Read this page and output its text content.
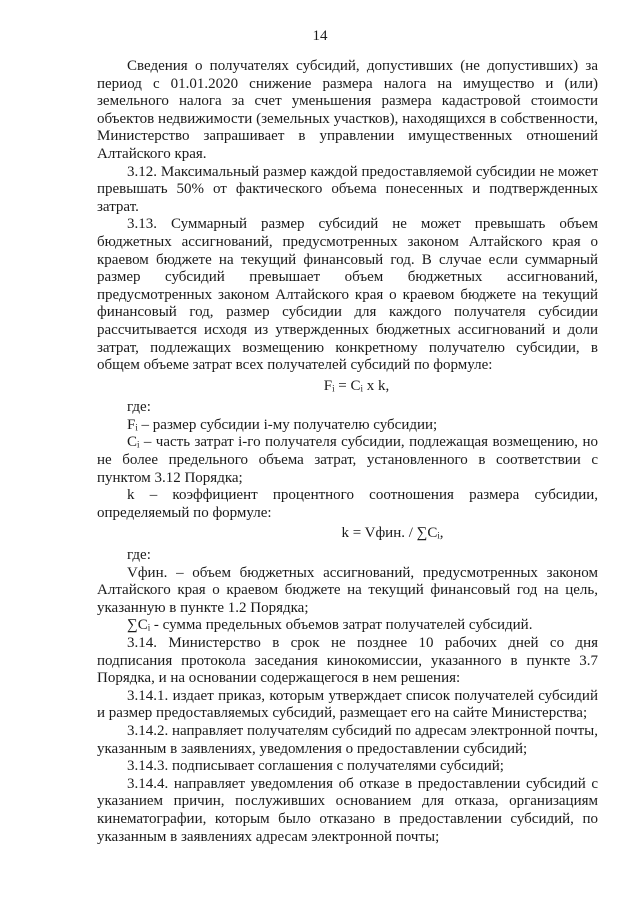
14

Сведения о получателях субсидий, допустивших (не допустивших) за период с 01.01.2020 снижение размера налога на имущество и (или) земельного налога за счет уменьшения размера кадастровой стоимости объектов недвижимости (земельных участков), находящихся в собственности, Министерство запрашивает в управлении имущественных отношений Алтайского края.

3.12. Максимальный размер каждой предоставляемой субсидии не может превышать 50% от фактического объема понесенных и подтвержденных затрат.

3.13. Суммарный размер субсидий не может превышать объем бюджетных ассигнований, предусмотренных законом Алтайского края о краевом бюджете на текущий финансовый год. В случае если суммарный размер субсидий превышает объем бюджетных ассигнований, предусмотренных законом Алтайского края о краевом бюджете на текущий финансовый год, размер субсидии для каждого получателя субсидии рассчитывается исходя из утвержденных бюджетных ассигнований и доли затрат, подлежащих возмещению конкретному получателю субсидии, в общем объеме затрат всех получателей субсидий по формуле:

Fᵢ = Cᵢ x k,

где:

Fᵢ – размер субсидии i-му получателю субсидии;

Cᵢ – часть затрат i-го получателя субсидии, подлежащая возмещению, но не более предельного объема затрат, установленного в соответствии с пунктом 3.12 Порядка;

k – коэффициент процентного соотношения размера субсидии, определяемый по формуле:

k = Vфин. / ∑Cᵢ,

где:

Vфин. – объем бюджетных ассигнований, предусмотренных законом Алтайского края о краевом бюджете на текущий финансовый год на цель, указанную в пункте 1.2 Порядка;

∑Cᵢ - сумма предельных объемов затрат получателей субсидий.

3.14. Министерство в срок не позднее 10 рабочих дней со дня подписания протокола заседания кинокомиссии, указанного в пункте 3.7 Порядка, и на основании содержащегося в нем решения:

3.14.1. издает приказ, которым утверждает список получателей субсидий и размер предоставляемых субсидий, размещает его на сайте Министерства;

3.14.2. направляет получателям субсидий по адресам электронной почты, указанным в заявлениях, уведомления о предоставлении субсидий;

3.14.3. подписывает соглашения с получателями субсидий;

3.14.4. направляет уведомления об отказе в предоставлении субсидий с указанием причин, послуживших основанием для отказа, организациям кинематографии, которым было отказано в предоставлении субсидий, по указанным в заявлениях адресам электронной почты;
